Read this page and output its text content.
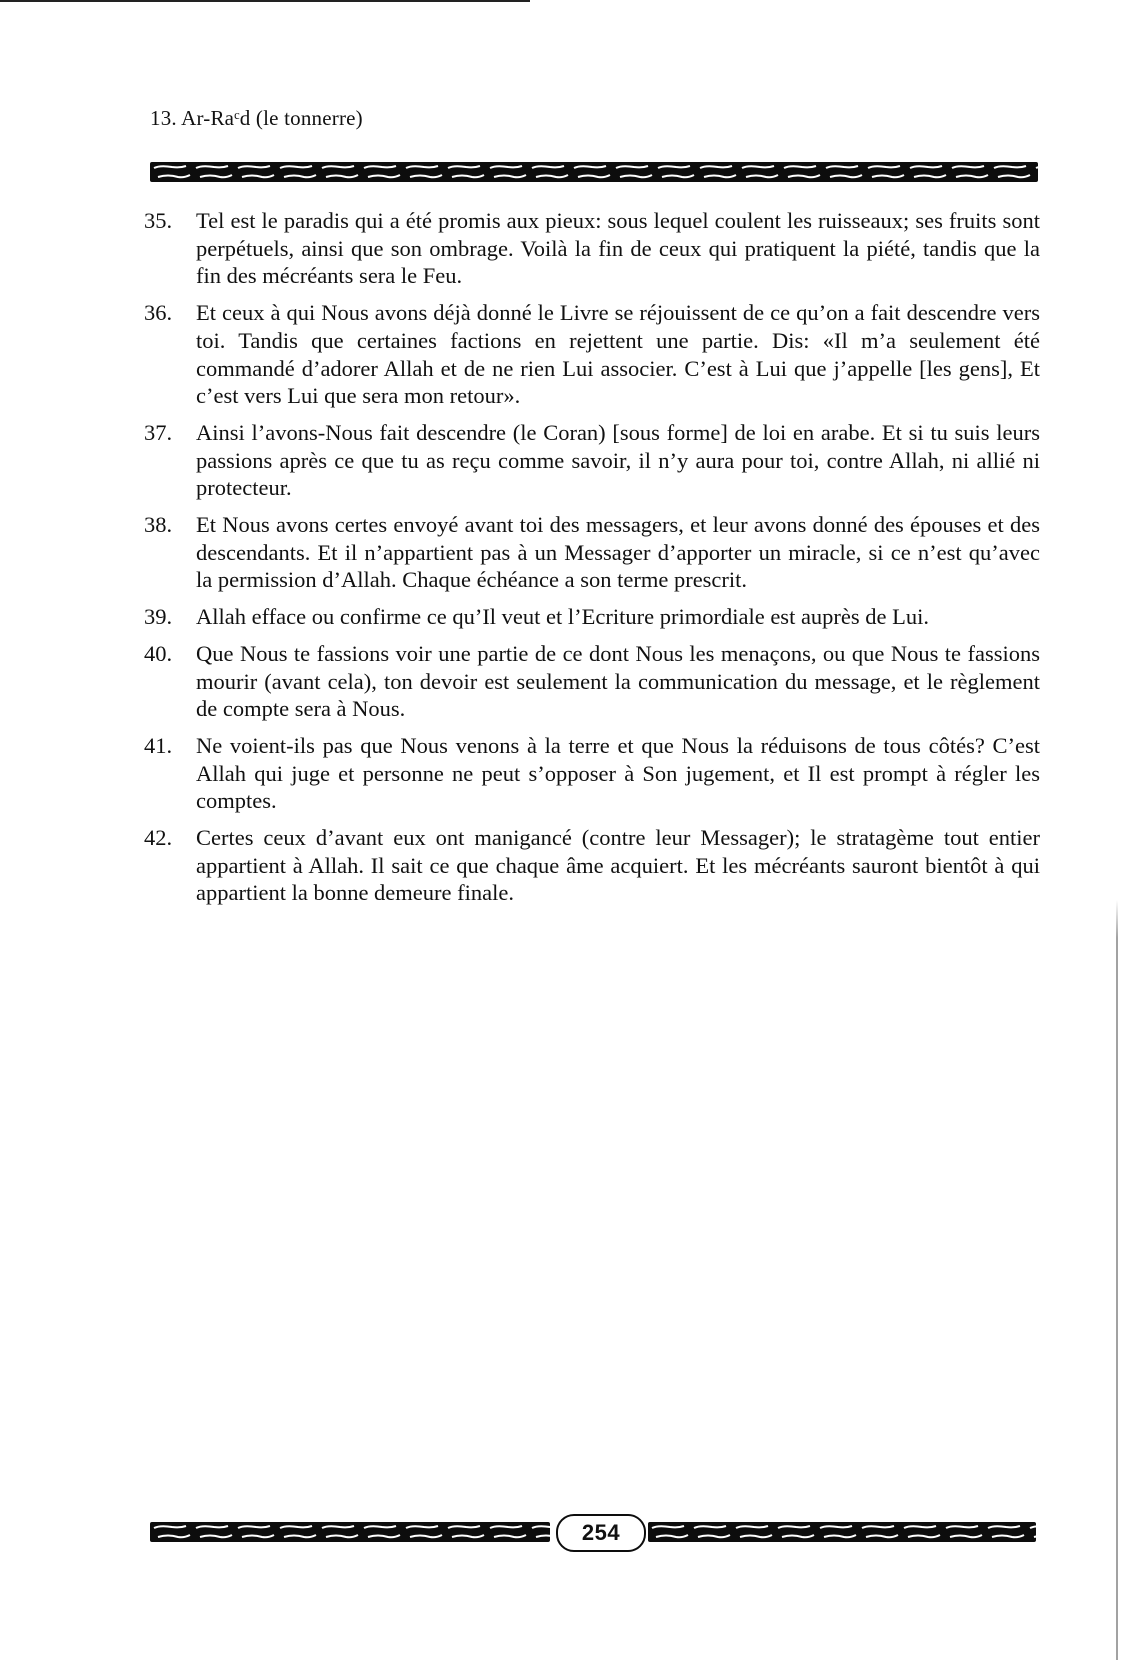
13. Ar-Raᶜd (le tonnerre)
35.	Tel est le paradis qui a été promis aux pieux: sous lequel coulent les ruisseaux; ses fruits sont perpétuels, ainsi que son ombrage. Voilà la fin de ceux qui pratiquent la piété, tandis que la fin des mécréants sera le Feu.
36.	Et ceux à qui Nous avons déjà donné le Livre se réjouissent de ce qu’on a fait descendre vers toi. Tandis que certaines factions en rejettent une partie. Dis: «Il m’a seulement été commandé d’adorer Allah et de ne rien Lui associer. C’est à Lui que j’appelle [les gens], Et c’est vers Lui que sera mon retour».
37.	Ainsi l’avons-Nous fait descendre (le Coran) [sous forme] de loi en arabe. Et si tu suis leurs passions après ce que tu as reçu comme savoir, il n’y aura pour toi, contre Allah, ni allié ni protecteur.
38.	Et Nous avons certes envoyé avant toi des messagers, et leur avons donné des épouses et des descendants. Et il n’appartient pas à un Messager d’apporter un miracle, si ce n’est qu’avec la permission d’Allah. Chaque échéance a son terme prescrit.
39.	Allah efface ou confirme ce qu’Il veut et l’Ecriture primordiale est auprès de Lui.
40.	Que Nous te fassions voir une partie de ce dont Nous les menaçons, ou que Nous te fassions mourir (avant cela), ton devoir est seulement la communication du message, et le règlement de compte sera à Nous.
41.	Ne voient-ils pas que Nous venons à la terre et que Nous la réduisons de tous côtés? C’est Allah qui juge et personne ne peut s’opposer à Son jugement, et Il est prompt à régler les comptes.
42.	Certes ceux d’avant eux ont manigancé (contre leur Messager); le stratagème tout entier appartient à Allah. Il sait ce que chaque âme acquiert. Et les mécréants sauront bientôt à qui appartient la bonne demeure finale.
254
